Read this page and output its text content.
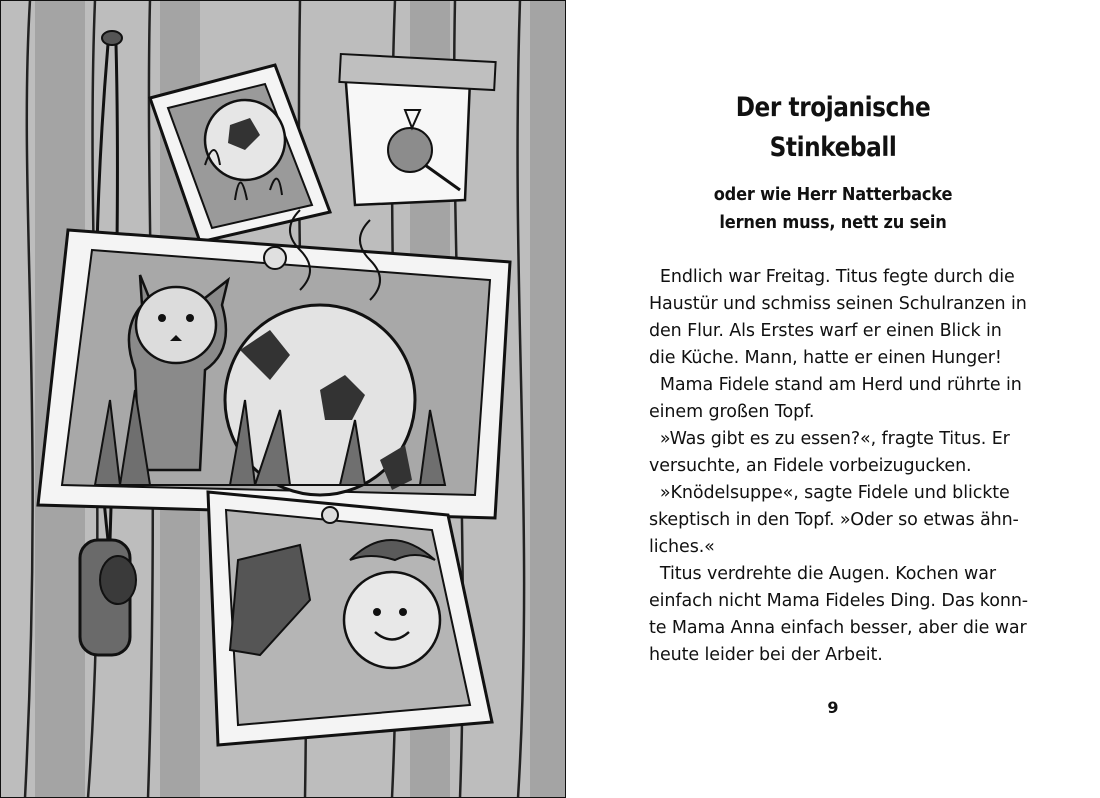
Der trojanische
Stinkeball
oder wie Herr Natterbacke
lernen muss, nett zu sein
Endlich war Freitag. Titus fegte durch die
Haustür und schmiss seinen Schulranzen in
den Flur. Als Erstes warf er einen Blick in
die Küche. Mann, hatte er einen Hunger!
Mama Fidele stand am Herd und rührte in
einem großen Topf.
»Was gibt es zu essen?«, fragte Titus. Er
versuchte, an Fidele vorbeizugucken.
»Knödelsuppe«, sagte Fidele und blickte
skeptisch in den Topf. »Oder so etwas ähn-
liches.«
Titus verdrehte die Augen. Kochen war
einfach nicht Mama Fideles Ding. Das konn-
te Mama Anna einfach besser, aber die war
heute leider bei der Arbeit.
9
